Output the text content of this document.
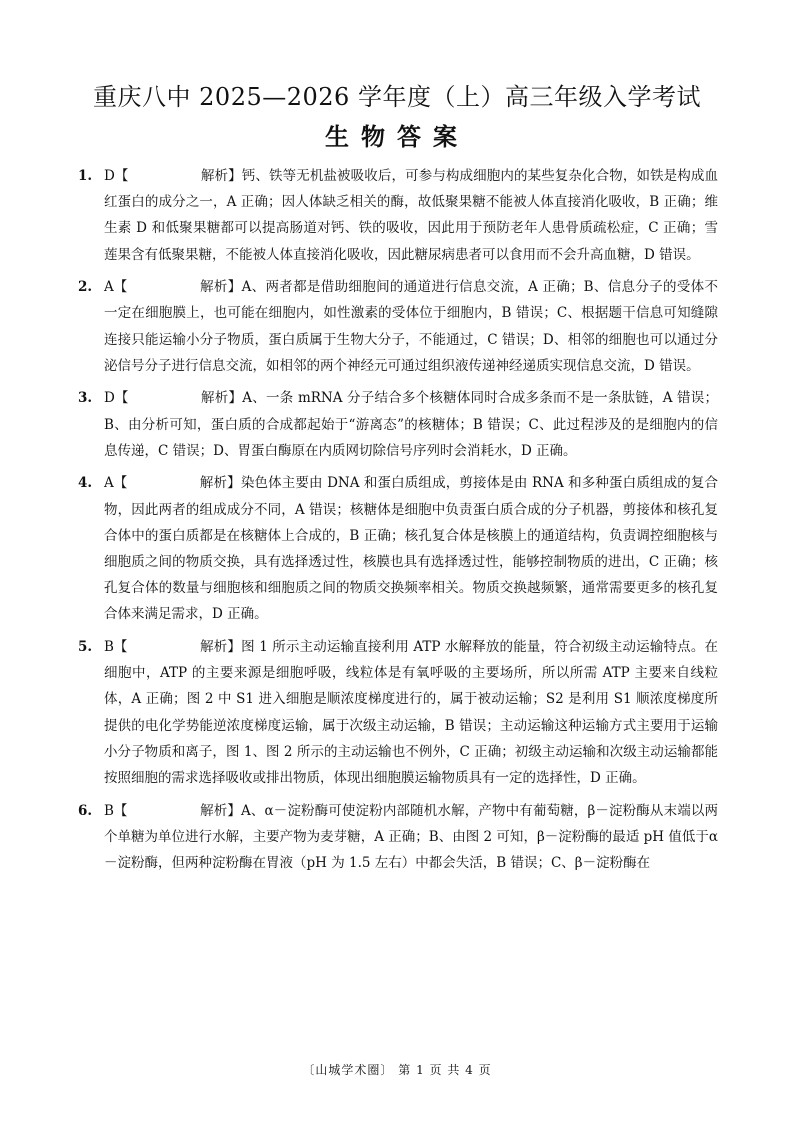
重庆八中 2025—2026 学年度（上）高三年级入学考试
生物答案
1. D【	解析】钙、铁等无机盐被吸收后，可参与构成细胞内的某些复杂化合物，如铁是构成血红蛋白的成分之一，A 正确；因人体缺乏相关的酶，故低聚果糖不能被人体直接消化吸收，B 正确；维生素 D 和低聚果糖都可以提高肠道对钙、铁的吸收，因此用于预防老年人患骨质疏松症，C 正确；雪莲果含有低聚果糖，不能被人体直接消化吸收，因此糖尿病患者可以食用而不会升高血糖，D 错误。
2. A【	解析】A、两者都是借助细胞间的通道进行信息交流，A 正确；B、信息分子的受体不一定在细胞膜上，也可能在细胞内，如性激素的受体位于细胞内，B 错误；C、根据题干信息可知缝隙连接只能运输小分子物质，蛋白质属于生物大分子，不能通过，C 错误；D、相邻的细胞也可以通过分泌信号分子进行信息交流，如相邻的两个神经元可通过组织液传递神经递质实现信息交流，D 错误。
3. D【	解析】A、一条 mRNA 分子结合多个核糖体同时合成多条而不是一条肽链，A 错误；B、由分析可知，蛋白质的合成都起始于“游离态”的核糖体；B 错误；C、此过程涉及的是细胞内的信息传递，C 错误；D、胃蛋白酶原在内质网切除信号序列时会消耗水，D 正确。
4. A【	解析】染色体主要由 DNA 和蛋白质组成，剪接体是由 RNA 和多种蛋白质组成的复合物，因此两者的组成成分不同，A 错误；核糖体是细胞中负责蛋白质合成的分子机器，剪接体和核孔复合体中的蛋白质都是在核糖体上合成的，B 正确；核孔复合体是核膜上的通道结构，负责调控细胞核与细胞质之间的物质交换，具有选择透过性，核膜也具有选择透过性，能够控制物质的进出，C 正确；核孔复合体的数量与细胞核和细胞质之间的物质交换频率相关。物质交换越频繁，通常需要更多的核孔复合体来满足需求，D 正确。
5. B【	解析】图 1 所示主动运输直接利用 ATP 水解释放的能量，符合初级主动运输特点。在细胞中，ATP 的主要来源是细胞呼吸，线粒体是有氧呼吸的主要场所，所以所需 ATP 主要来自线粒体，A 正确；图 2 中 S1 进入细胞是顺浓度梯度进行的，属于被动运输；S2 是利用 S1 顺浓度梯度所提供的电化学势能逆浓度梯度运输，属于次级主动运输，B 错误；主动运输这种运输方式主要用于运输小分子物质和离子，图 1、图 2 所示的主动运输也不例外，C 正确；初级主动运输和次级主动运输都能按照细胞的需求选择吸收或排出物质，体现出细胞膜运输物质具有一定的选择性，D 正确。
6. B【	解析】A、α－淀粉酶可使淀粉内部随机水解，产物中有葡萄糖，β－淀粉酶从末端以两个单糖为单位进行水解，主要产物为麦芽糖，A 正确；B、由图 2 可知，β－淀粉酶的最适 pH 值低于α－淀粉酶，但两种淀粉酶在胃液（pH 为 1.5 左右）中都会失活，B 错误；C、β－淀粉酶在
〔山城学术圈〕 第 1 页 共 4 页
